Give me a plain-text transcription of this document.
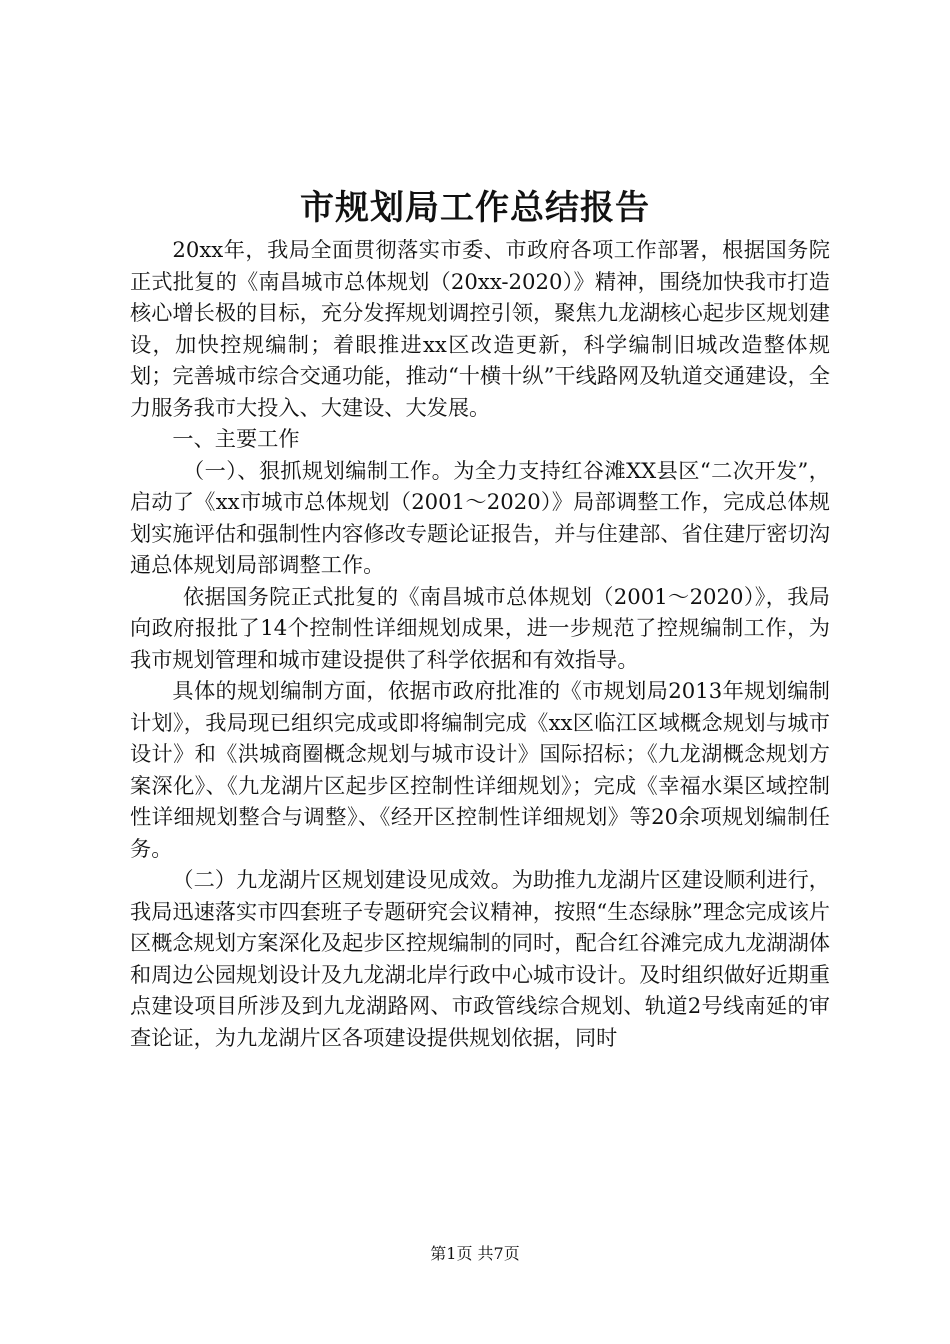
市规划局工作总结报告

20xx年，我局全面贯彻落实市委、市政府各项工作部署，根据国务院正式批复的《南昌城市总体规划（20xx-2020）》精神，围绕加快我市打造核心增长极的目标，充分发挥规划调控引领，聚焦九龙湖核心起步区规划建设，加快控规编制；着眼推进xx区改造更新，科学编制旧城改造整体规划；完善城市综合交通功能，推动“十横十纵”干线路网及轨道交通建设，全力服务我市大投入、大建设、大发展。

一、主要工作

（一）、狠抓规划编制工作。为全力支持红谷滩XX县区“二次开发”，启动了《xx市城市总体规划（2001～2020）》局部调整工作，完成总体规划实施评估和强制性内容修改专题论证报告，并与住建部、省住建厅密切沟通总体规划局部调整工作。

依据国务院正式批复的《南昌城市总体规划（2001～2020）》，我局向政府报批了14个控制性详细规划成果，进一步规范了控规编制工作，为我市规划管理和城市建设提供了科学依据和有效指导。

具体的规划编制方面，依据市政府批准的《市规划局2013年规划编制计划》，我局现已组织完成或即将编制完成《xx区临江区域概念规划与城市设计》和《洪城商圈概念规划与城市设计》国际招标；《九龙湖概念规划方案深化》、《九龙湖片区起步区控制性详细规划》；完成《幸福水渠区域控制性详细规划整合与调整》、《经开区控制性详细规划》等20余项规划编制任务。

（二）九龙湖片区规划建设见成效。为助推九龙湖片区建设顺利进行，我局迅速落实市四套班子专题研究会议精神，按照“生态绿脉”理念完成该片区概念规划方案深化及起步区控规编制的同时，配合红谷滩完成九龙湖湖体和周边公园规划设计及九龙湖北岸行政中心城市设计。及时组织做好近期重点建设项目所涉及到九龙湖路网、市政管线综合规划、轨道2号线南延的审查论证，为九龙湖片区各项建设提供规划依据，同时

第1页 共7页
